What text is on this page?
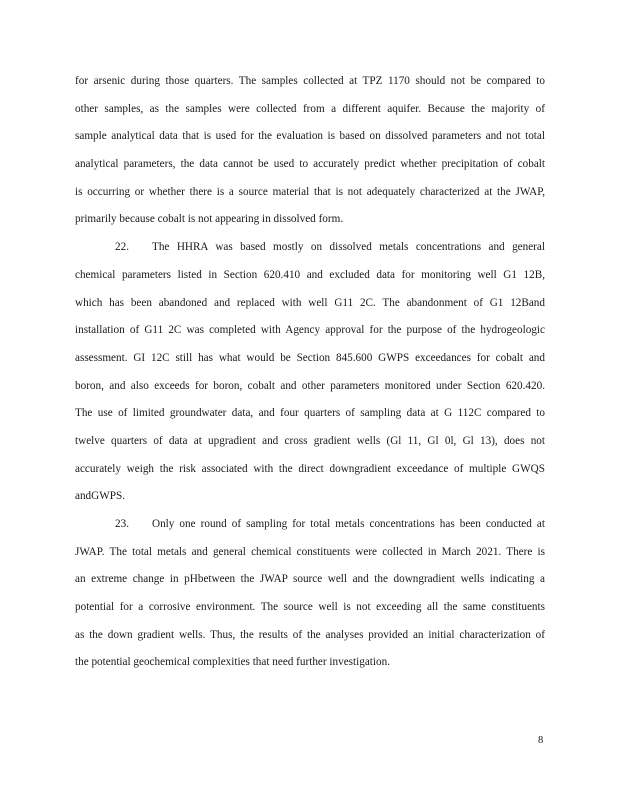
for arsenic during those quarters. The samples collected at TPZ 1170 should not be compared to
other samples, as the samples were collected from a different aquifer. Because the majority of
sample analytical data that is used for the evaluation is based on dissolved parameters and not total
analytical parameters, the data cannot be used to accurately predict whether precipitation of cobalt
is occurring or whether there is a source material that is not adequately characterized at the JWAP,
primarily because cobalt is not appearing in dissolved form.
22. The HHRA was based mostly on dissolved metals concentrations and general
chemical parameters listed in Section 620.410 and excluded data for monitoring well G1 12B,
which has been abandoned and replaced with well G11 2C. The abandonment of G1 12Band
installation of G11 2C was completed with Agency approval for the purpose of the hydrogeologic
assessment. GI 12C still has what would be Section 845.600 GWPS exceedances for cobalt and
boron, and also exceeds for boron, cobalt and other parameters monitored under Section 620.420.
The use of limited groundwater data, and four quarters of sampling data at G 112C compared to
twelve quarters of data at upgradient and cross gradient wells (Gl 11, Gl 0l, Gl 13), does not
accurately weigh the risk associated with the direct downgradient exceedance of multiple GWQS
andGWPS.
23. Only one round of sampling for total metals concentrations has been conducted at
JWAP. The total metals and general chemical constituents were collected in March 2021. There is
an extreme change in pHbetween the JWAP source well and the downgradient wells indicating a
potential for a corrosive environment. The source well is not exceeding all the same constituents
as the down gradient wells. Thus, the results of the analyses provided an initial characterization of
the potential geochemical complexities that need further investigation.
8
